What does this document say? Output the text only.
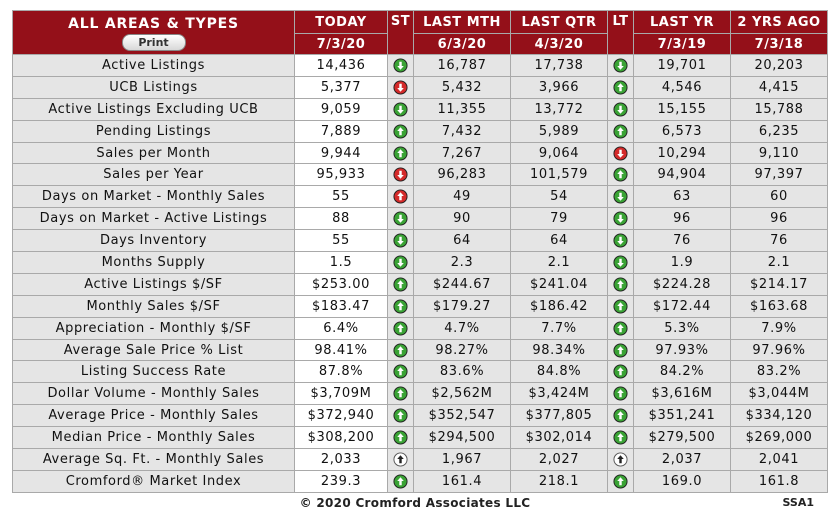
ALL AREAS & TYPES
Print	TODAY	ST	LAST MTH	LAST QTR	LT	LAST YR	2 YRS AGO
	7/3/20		6/3/20	4/3/20		7/3/19	7/3/18
Active Listings	14,436		16,787	17,738		19,701	20,203
UCB Listings	5,377		5,432	3,966		4,546	4,415
Active Listings Excluding UCB	9,059		11,355	13,772		15,155	15,788
Pending Listings	7,889		7,432	5,989		6,573	6,235
Sales per Month	9,944		7,267	9,064		10,294	9,110
Sales per Year	95,933		96,283	101,579		94,904	97,397
Days on Market - Monthly Sales	55		49	54		63	60
Days on Market - Active Listings	88		90	79		96	96
Days Inventory	55		64	64		76	76
Months Supply	1.5		2.3	2.1		1.9	2.1
Active Listings $/SF	$253.00		$244.67	$241.04		$224.28	$214.17
Monthly Sales $/SF	$183.47		$179.27	$186.42		$172.44	$163.68
Appreciation - Monthly $/SF	6.4%		4.7%	7.7%		5.3%	7.9%
Average Sale Price % List	98.41%		98.27%	98.34%		97.93%	97.96%
Listing Success Rate	87.8%		83.6%	84.8%		84.2%	83.2%
Dollar Volume - Monthly Sales	$3,709M		$2,562M	$3,424M		$3,616M	$3,044M
Average Price - Monthly Sales	$372,940		$352,547	$377,805		$351,241	$334,120
Median Price - Monthly Sales	$308,200		$294,500	$302,014		$279,500	$269,000
Average Sq. Ft. - Monthly Sales	2,033		1,967	2,027		2,037	2,041
Cromford® Market Index	239.3		161.4	218.1		169.0	161.8
© 2020 Cromford Associates LLC	SSA1
